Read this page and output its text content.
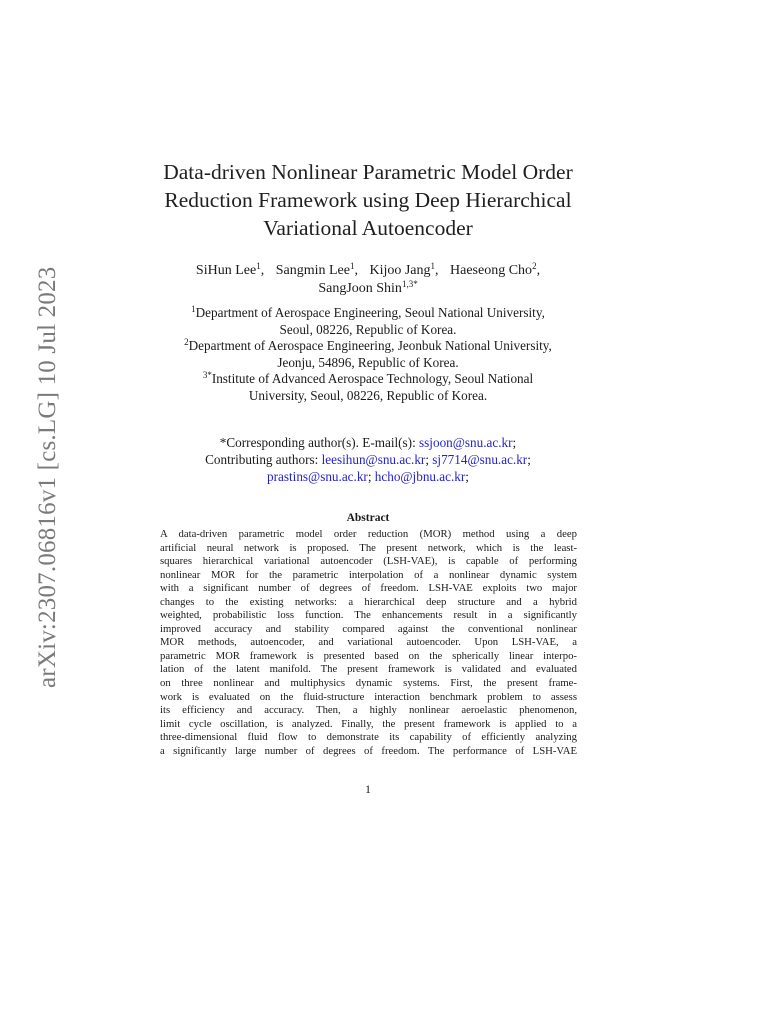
arXiv:2307.06816v1 [cs.LG] 10 Jul 2023
Data-driven Nonlinear Parametric Model Order
Reduction Framework using Deep Hierarchical
Variational Autoencoder
SiHun Lee$^1$, Sangmin Lee$^1$, Kijoo Jang$^1$, Haeseong Cho$^2$,
SangJoon Shin$^{1,3*}$
$^1$Department of Aerospace Engineering, Seoul National University,
Seoul, 08226, Republic of Korea.
$^2$Department of Aerospace Engineering, Jeonbuk National University,
Jeonju, 54896, Republic of Korea.
$^{3*}$Institute of Advanced Aerospace Technology, Seoul National
University, Seoul, 08226, Republic of Korea.
*Corresponding author(s). E-mail(s): ssjoon@snu.ac.kr;
Contributing authors: leesihun@snu.ac.kr; sj7714@snu.ac.kr;
prastins@snu.ac.kr; hcho@jbnu.ac.kr;
Abstract
A data-driven parametric model order reduction (MOR) method using a deep
artificial neural network is proposed. The present network, which is the least-
squares hierarchical variational autoencoder (LSH-VAE), is capable of performing
nonlinear MOR for the parametric interpolation of a nonlinear dynamic system
with a significant number of degrees of freedom. LSH-VAE exploits two major
changes to the existing networks: a hierarchical deep structure and a hybrid
weighted, probabilistic loss function. The enhancements result in a significantly
improved accuracy and stability compared against the conventional nonlinear
MOR methods, autoencoder, and variational autoencoder. Upon LSH-VAE, a
parametric MOR framework is presented based on the spherically linear interpo-
lation of the latent manifold. The present framework is validated and evaluated
on three nonlinear and multiphysics dynamic systems. First, the present frame-
work is evaluated on the fluid-structure interaction benchmark problem to assess
its efficiency and accuracy. Then, a highly nonlinear aeroelastic phenomenon,
limit cycle oscillation, is analyzed. Finally, the present framework is applied to a
three-dimensional fluid flow to demonstrate its capability of efficiently analyzing
a significantly large number of degrees of freedom. The performance of LSH-VAE
1
